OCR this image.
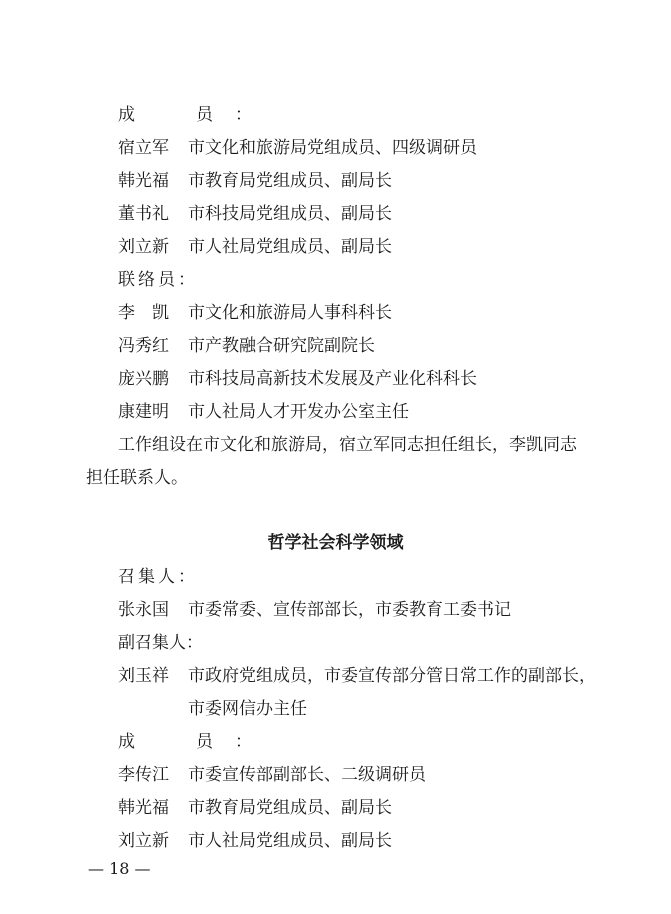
成　员：
宿立军 市文化和旅游局党组成员、四级调研员
韩光福 市教育局党组成员、副局长
董书礼 市科技局党组成员、副局长
刘立新 市人社局党组成员、副局长
联络员：
李　凯 市文化和旅游局人事科科长
冯秀红 市产教融合研究院副院长
庞兴鹏 市科技局高新技术发展及产业化科科长
康建明 市人社局人才开发办公室主任
工作组设在市文化和旅游局，宿立军同志担任组长，李凯同志
担任联系人。
哲学社会科学领域
召集人：
张永国 市委常委、宣传部部长，市委教育工委书记
副召集人：
刘玉祥 市政府党组成员，市委宣传部分管日常工作的副部长，
市委网信办主任
成　员：
李传江 市委宣传部副部长、二级调研员
韩光福 市教育局党组成员、副局长
刘立新 市人社局党组成员、副局长
— 18 —
